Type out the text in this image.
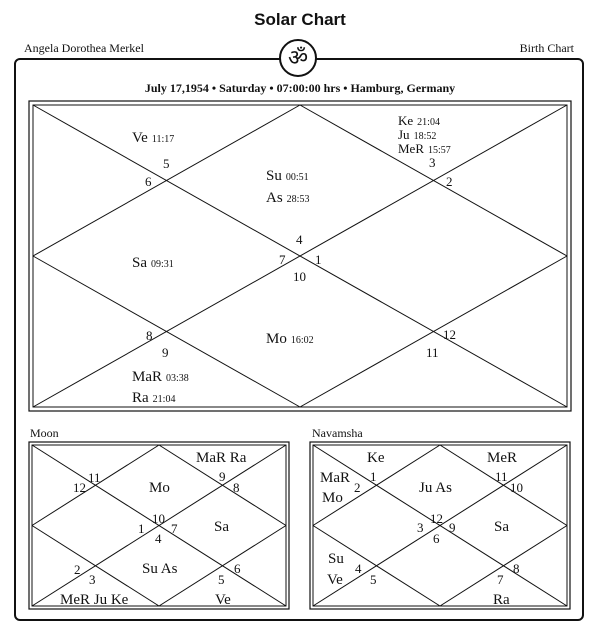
Solar Chart
Angela Dorothea Merkel	Birth Chart
ॐ
July 17,1954 • Saturday • 07:00:00 hrs • Hamburg, Germany
4
5
6
7 1
2
3
10
8
9
12
11
Ve 11:17
Su 00:51
As 28:53
Ke 21:04
Ju 18:52
MeR 15:57
Sa 09:31
Mo 16:02
MaR 03:38
Ra 21:04
Moon
11
12
9
8
10
1 7
4
2
3
6
5
MaR Ra
Mo
Sa
Su As
MeR Ju Ke	Ve
Navamsha
1
2
11
10
12
3 9
6
4
5
8
7
Ke	MeR
MaR
Mo
Ju As
Sa
Su
Ve
Ra
